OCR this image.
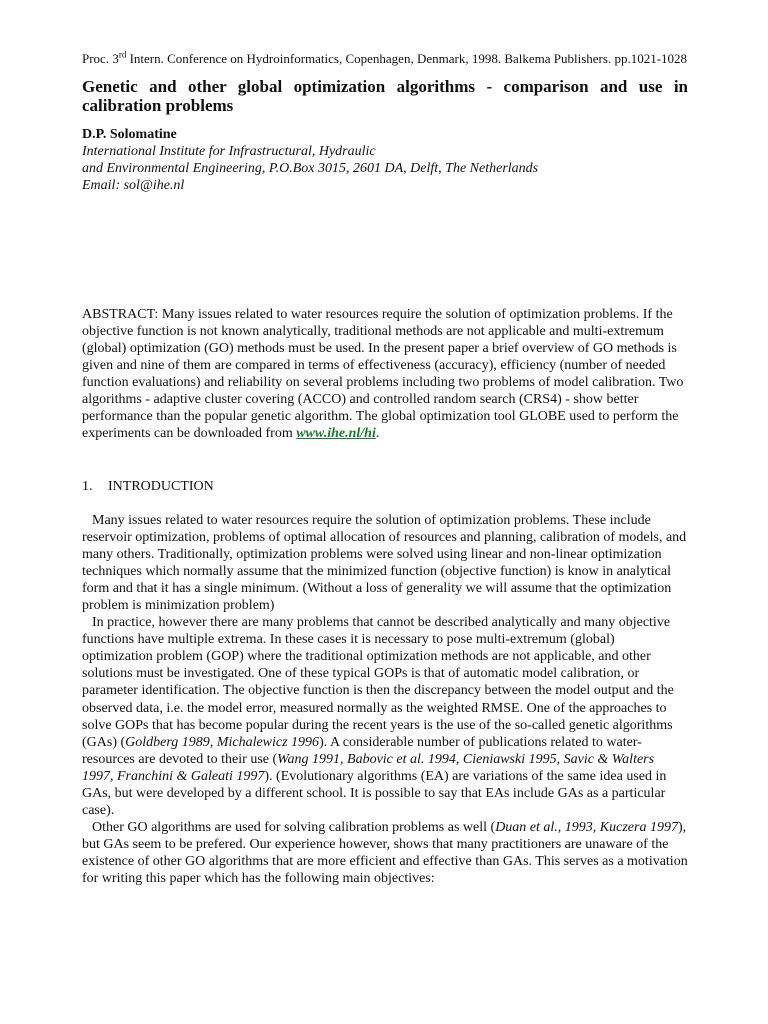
Proc. 3rd Intern. Conference on Hydroinformatics, Copenhagen, Denmark, 1998. Balkema Publishers. pp.1021-1028
Genetic and other global optimization algorithms - comparison and use in calibration problems
D.P. Solomatine
International Institute for Infrastructural, Hydraulic
and Environmental Engineering, P.O.Box 3015, 2601 DA, Delft, The Netherlands
Email: sol@ihe.nl
ABSTRACT: Many issues related to water resources require the solution of optimization problems. If the objective function is not known analytically, traditional methods are not applicable and multi-extremum (global) optimization (GO) methods must be used. In the present paper a brief overview of GO methods is given and nine of them are compared in terms of effectiveness (accuracy), efficiency (number of needed function evaluations) and reliability on several problems including two problems of model calibration. Two algorithms - adaptive cluster covering (ACCO) and controlled random search (CRS4) - show better performance than the popular genetic algorithm. The global optimization tool GLOBE used to perform the experiments can be downloaded from www.ihe.nl/hi.
1. INTRODUCTION

Many issues related to water resources require the solution of optimization problems. These include reservoir optimization, problems of optimal allocation of resources and planning, calibration of models, and many others. Traditionally, optimization problems were solved using linear and non-linear optimization techniques which normally assume that the minimized function (objective function) is know in analytical form and that it has a single minimum. (Without a loss of generality we will assume that the optimization problem is minimization problem)

In practice, however there are many problems that cannot be described analytically and many objective functions have multiple extrema. In these cases it is necessary to pose multi-extremum (global) optimization problem (GOP) where the traditional optimization methods are not applicable, and other solutions must be investigated. One of these typical GOPs is that of automatic model calibration, or parameter identification. The objective function is then the discrepancy between the model output and the observed data, i.e. the model error, measured normally as the weighted RMSE. One of the approaches to solve GOPs that has become popular during the recent years is the use of the so-called genetic algorithms (GAs) (Goldberg 1989, Michalewicz 1996). A considerable number of publications related to water-resources are devoted to their use (Wang 1991, Babovic et al. 1994, Cieniawski 1995, Savic & Walters 1997, Franchini & Galeati 1997). (Evolutionary algorithms (EA) are variations of the same idea used in GAs, but were developed by a different school. It is possible to say that EAs include GAs as a particular case).

Other GO algorithms are used for solving calibration problems as well (Duan et al., 1993, Kuczera 1997), but GAs seem to be prefered. Our experience however, shows that many practitioners are unaware of the existence of other GO algorithms that are more efficient and effective than GAs. This serves as a motivation for writing this paper which has the following main objectives:
